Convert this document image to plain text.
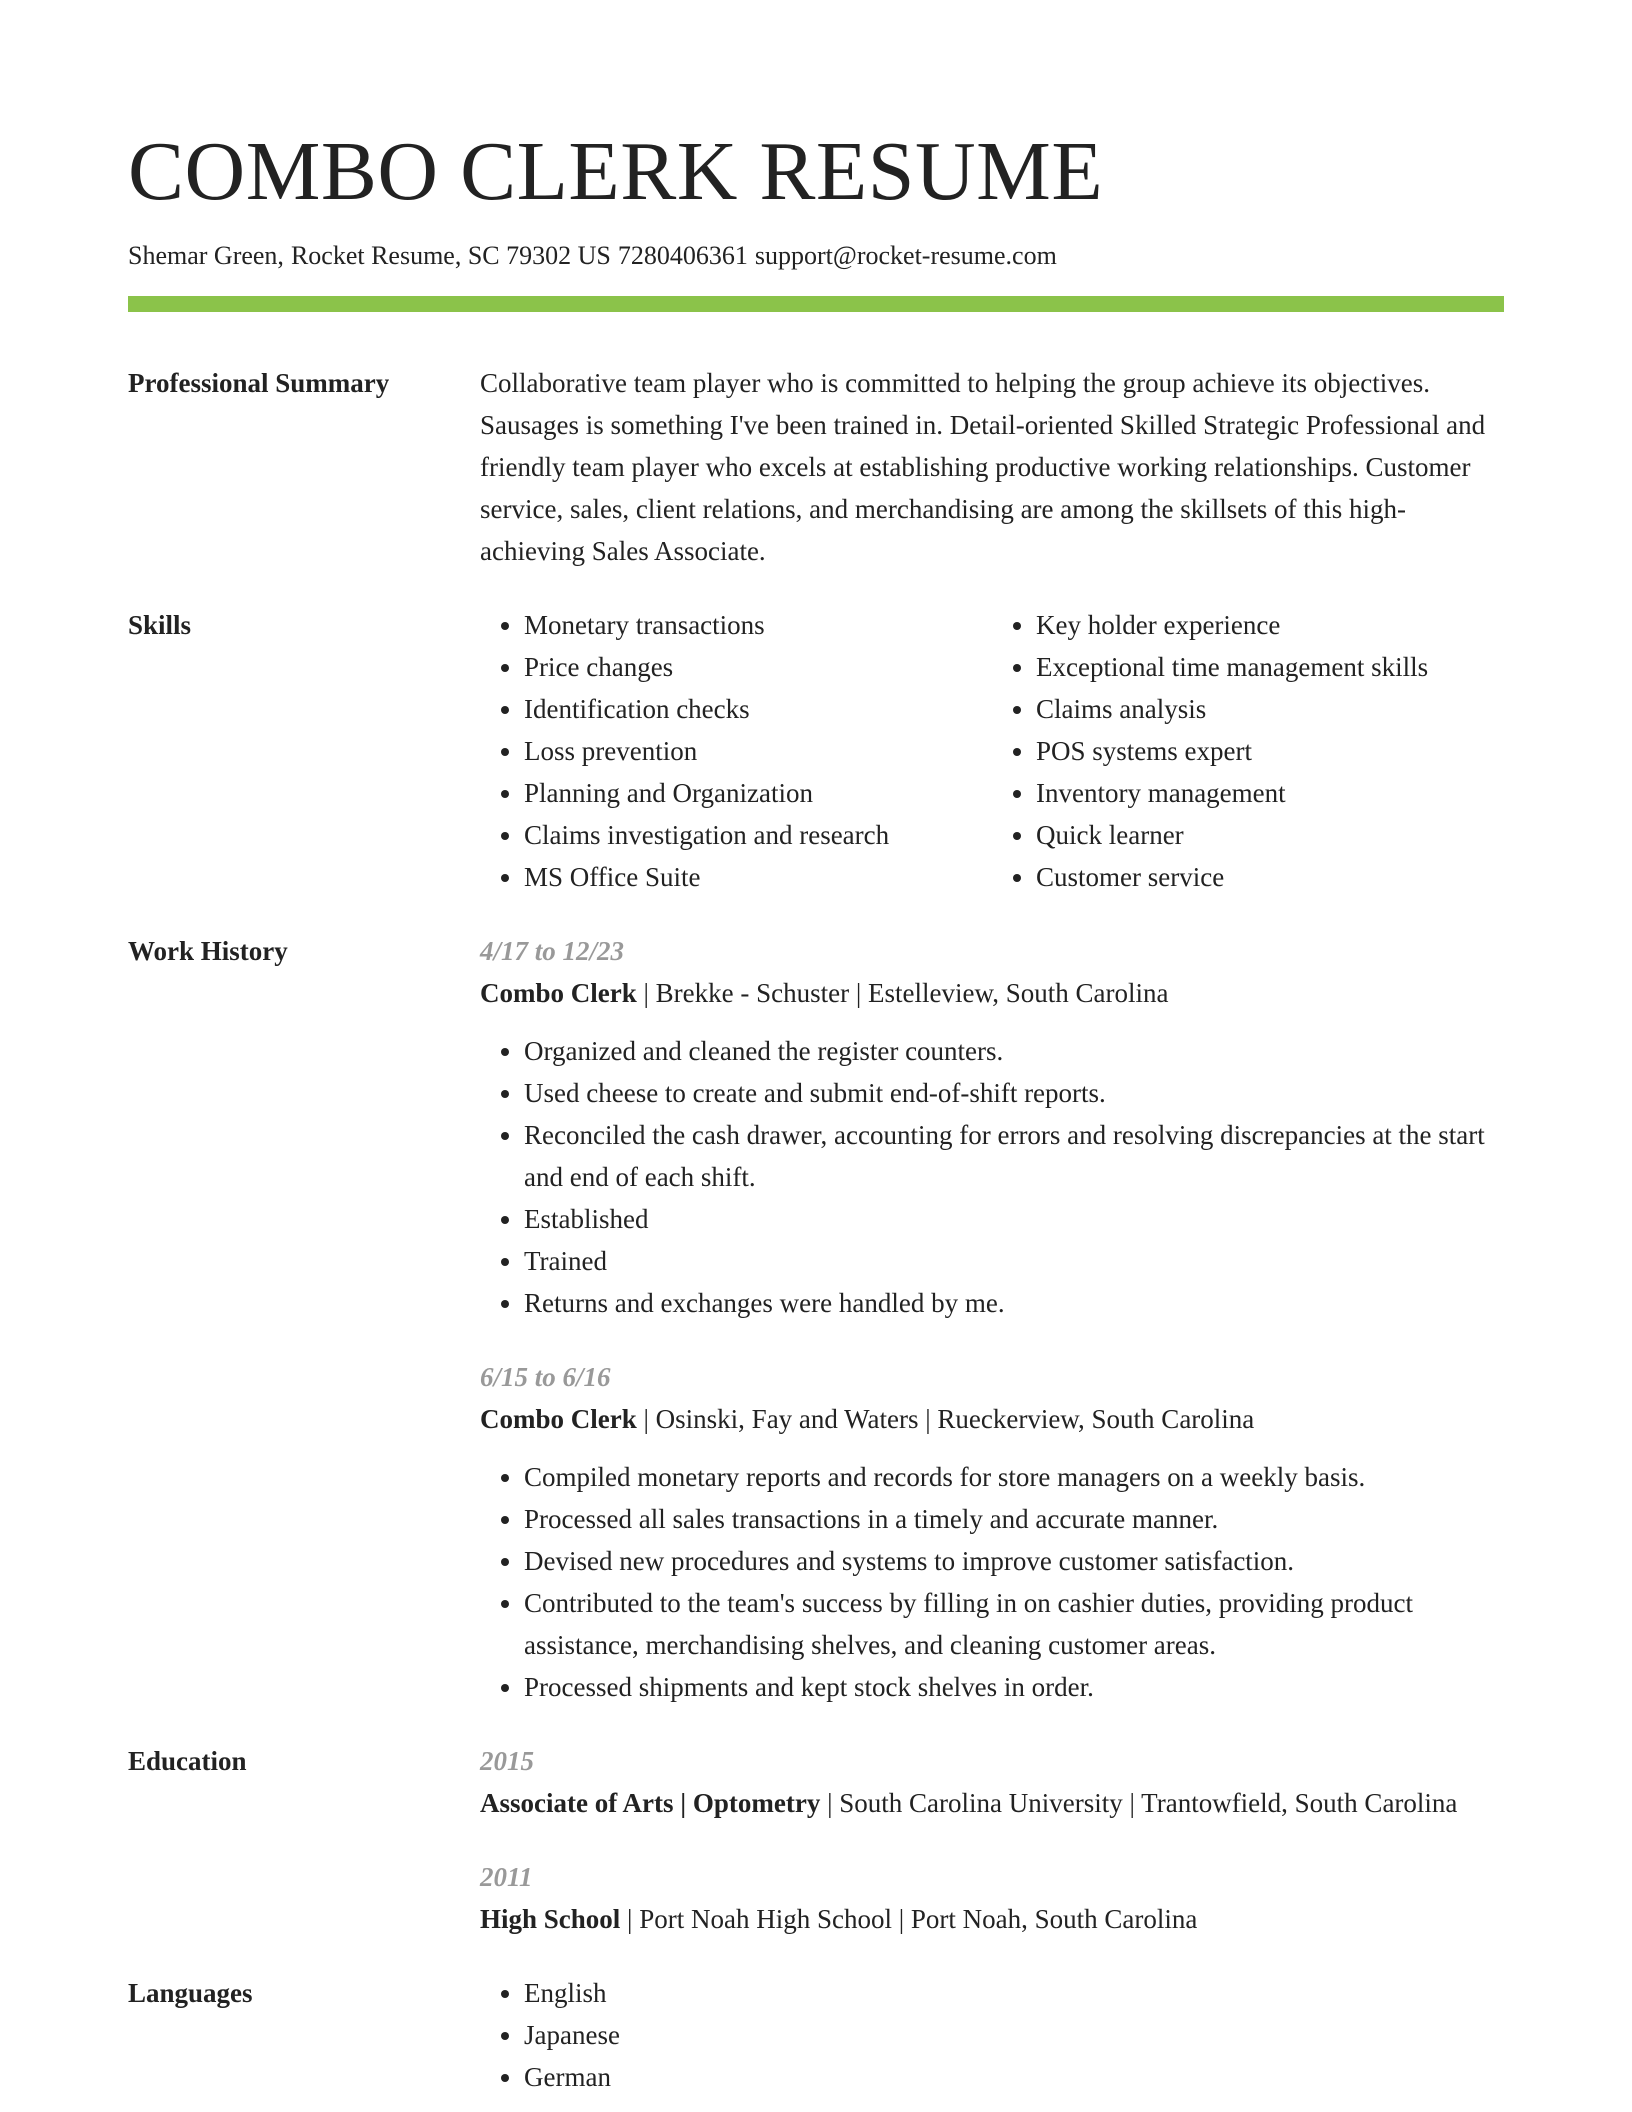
COMBO CLERK RESUME
Shemar Green, Rocket Resume, SC 79302 US 7280406361 support@rocket-resume.com
Professional Summary	Collaborative team player who is committed to helping the group achieve its objectives. Sausages is something I've been trained in. Detail-oriented Skilled Strategic Professional and friendly team player who excels at establishing productive working relationships. Customer service, sales, client relations, and merchandising are among the skillsets of this high-achieving Sales Associate.
Skills	• Monetary transactions
• Price changes
• Identification checks
• Loss prevention
• Planning and Organization
• Claims investigation and research
• MS Office Suite
• Key holder experience
• Exceptional time management skills
• Claims analysis
• POS systems expert
• Inventory management
• Quick learner
• Customer service
Work History	4/17 to 12/23
Combo Clerk | Brekke - Schuster | Estelleview, South Carolina
• Organized and cleaned the register counters.
• Used cheese to create and submit end-of-shift reports.
• Reconciled the cash drawer, accounting for errors and resolving discrepancies at the start and end of each shift.
• Established
• Trained
• Returns and exchanges were handled by me.
6/15 to 6/16
Combo Clerk | Osinski, Fay and Waters | Rueckerview, South Carolina
• Compiled monetary reports and records for store managers on a weekly basis.
• Processed all sales transactions in a timely and accurate manner.
• Devised new procedures and systems to improve customer satisfaction.
• Contributed to the team's success by filling in on cashier duties, providing product assistance, merchandising shelves, and cleaning customer areas.
• Processed shipments and kept stock shelves in order.
Education	2015
Associate of Arts | Optometry | South Carolina University | Trantowfield, South Carolina
2011
High School | Port Noah High School | Port Noah, South Carolina
Languages	• English
• Japanese
• German
